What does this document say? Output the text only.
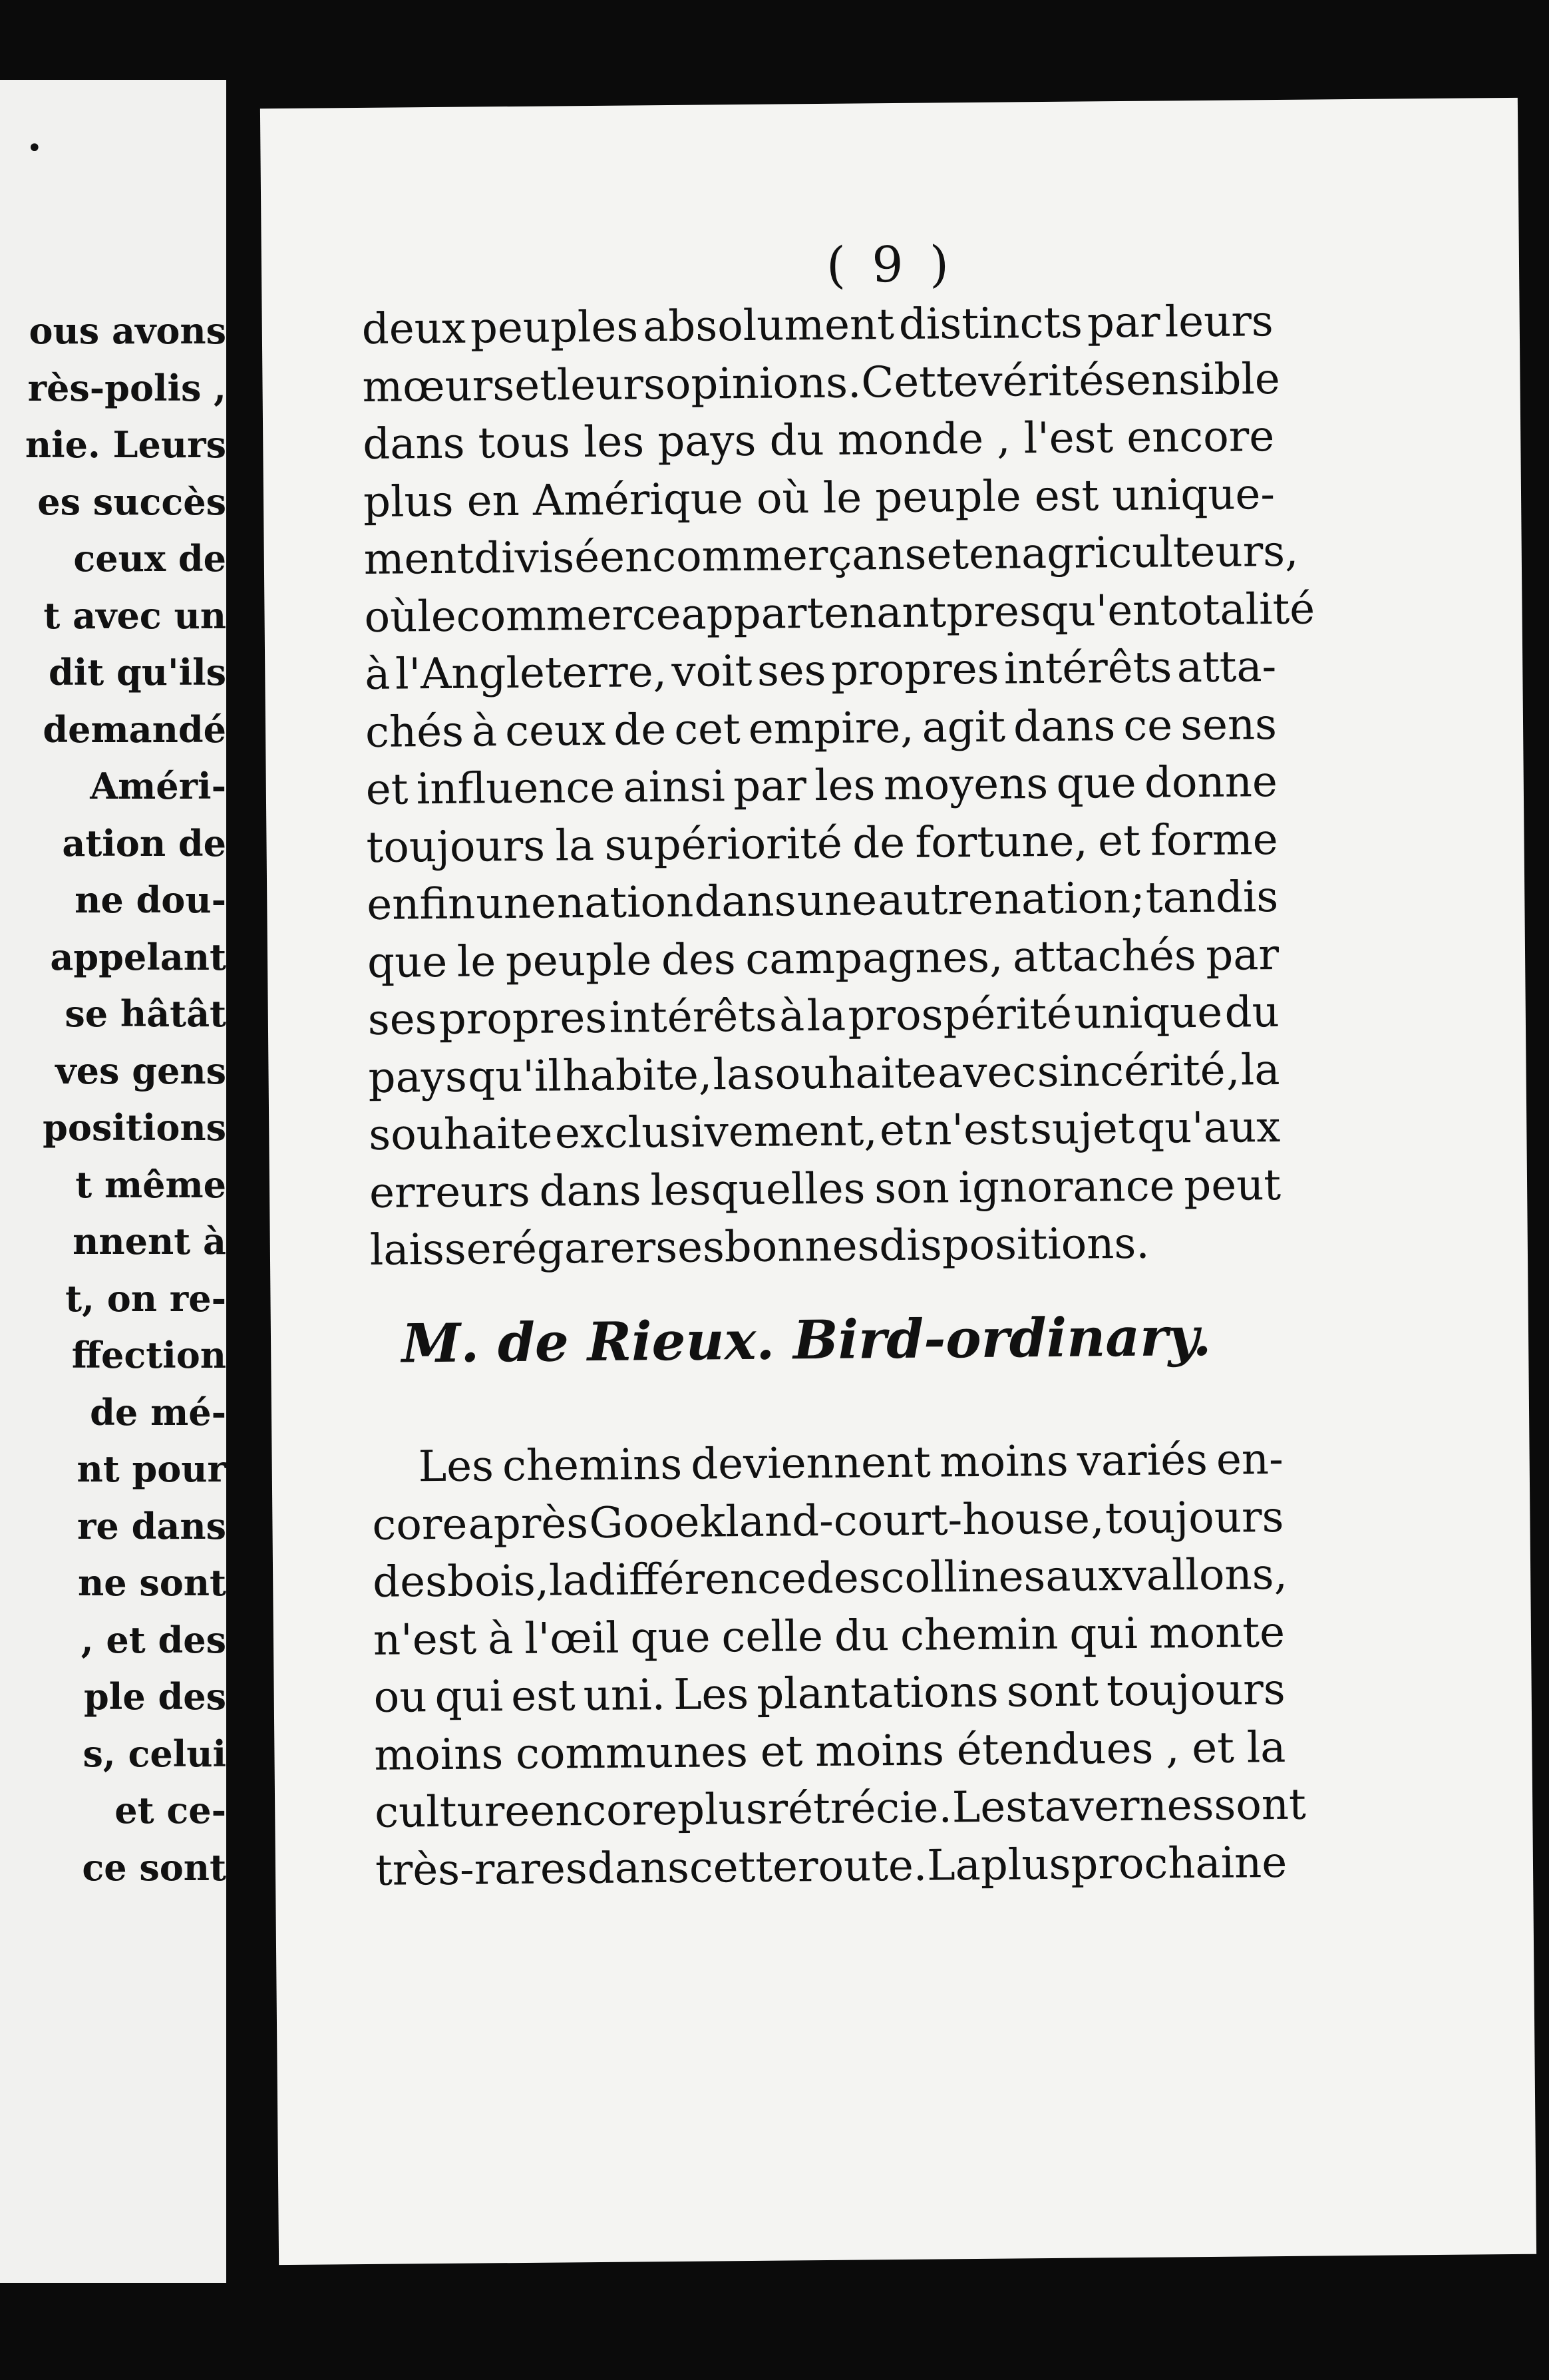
•
ous avons
rès-polis ,
nie. Leurs
es succès
ceux de
t avec un
dit qu'ils
demandé
Améri-
ation de
ne dou-
appelant
se hâtât
ves gens
positions
t même
nnent à
t, on re-
ffection
de mé-
nt pour
re dans
ne sont
, et des
ple des
s, celui
et ce-
ce sont
( 9 )
deux peuples absolument distincts par leurs
mœurs et leurs opinions. Cette vérité sensible
dans tous les pays du monde , l'est encore
plus en Amérique où le peuple est unique-
ment divisé en commerçans et en agriculteurs,
où le commerce appartenant presqu'en totalité
à l'Angleterre, voit ses propres intérêts atta-
chés à ceux de cet empire, agit dans ce sens
et influence ainsi par les moyens que donne
toujours la supériorité de fortune, et forme
enfin une nation dans une autre nation; tandis
que le peuple des campagnes, attachés par
ses propres intérêts à la prospérité unique du
pays qu'il habite, la souhaite avec sincérité , la
souhaite exclusivement, et n'est sujet qu'aux
erreurs dans lesquelles son ignorance peut
laisser égarer ses bonnes dispositions.
M. de Rieux. Bird-ordinary.
Les chemins deviennent moins variés en-
core après Gooekland-court-house , toujours
des bois, la différence des collines aux vallons,
n'est à l'œil que celle du chemin qui monte
ou qui est uni. Les plantations sont toujours
moins communes et moins étendues , et la
culture encore plus rétrécie. Les tavernes sont
très-rares dans cette route. La plus prochaine
